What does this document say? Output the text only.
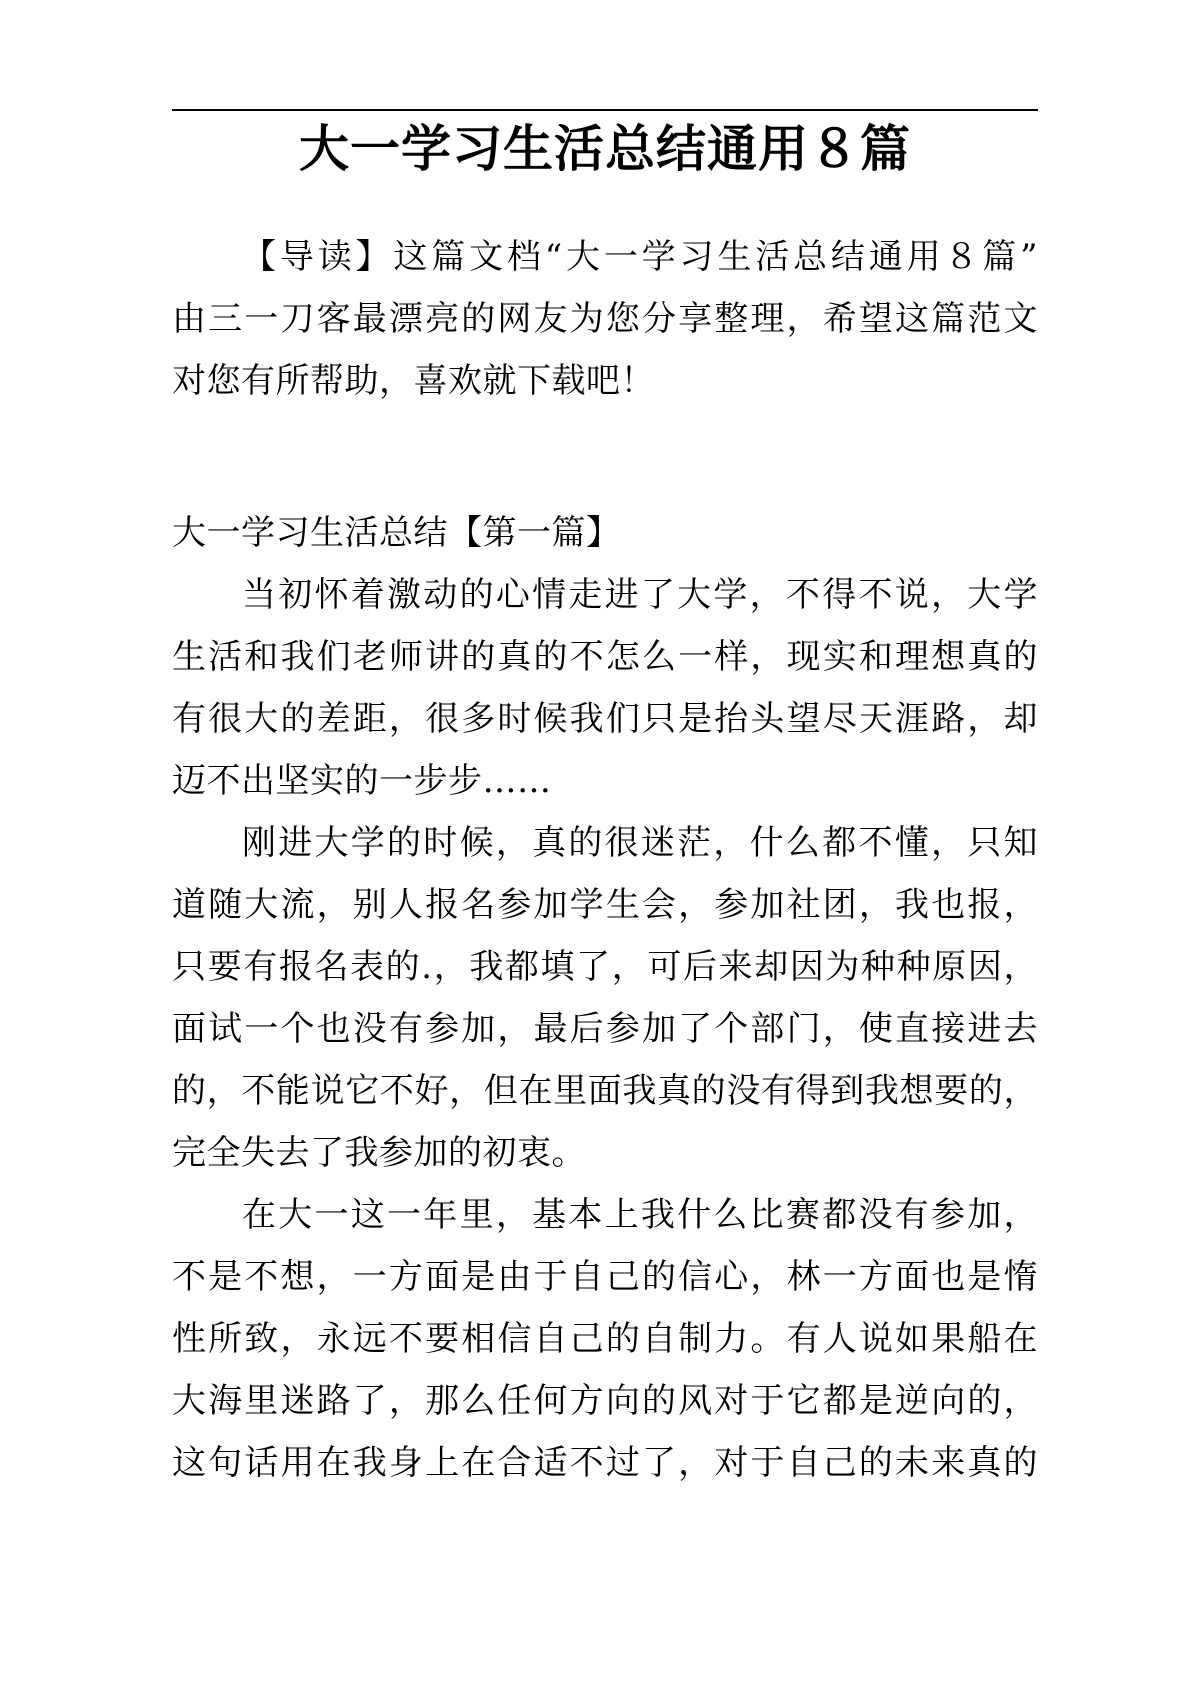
大一学习生活总结通用８篇
【导读】这篇文档“大一学习生活总结通用８篇”
由三一刀客最漂亮的网友为您分享整理，希望这篇范文
对您有所帮助，喜欢就下载吧！
大一学习生活总结【第一篇】
当初怀着激动的心情走进了大学，不得不说，大学
生活和我们老师讲的真的不怎么一样，现实和理想真的
有很大的差距，很多时候我们只是抬头望尽天涯路，却
迈不出坚实的一步步……
刚进大学的时候，真的很迷茫，什么都不懂，只知
道随大流，别人报名参加学生会，参加社团，我也报，
只要有报名表的.，我都填了，可后来却因为种种原因，
面试一个也没有参加，最后参加了个部门，使直接进去
的，不能说它不好，但在里面我真的没有得到我想要的，
完全失去了我参加的初衷。
在大一这一年里，基本上我什么比赛都没有参加，
不是不想，一方面是由于自己的信心，林一方面也是惰
性所致，永远不要相信自己的自制力。有人说如果船在
大海里迷路了，那么任何方向的风对于它都是逆向的，
这句话用在我身上在合适不过了，对于自己的未来真的
